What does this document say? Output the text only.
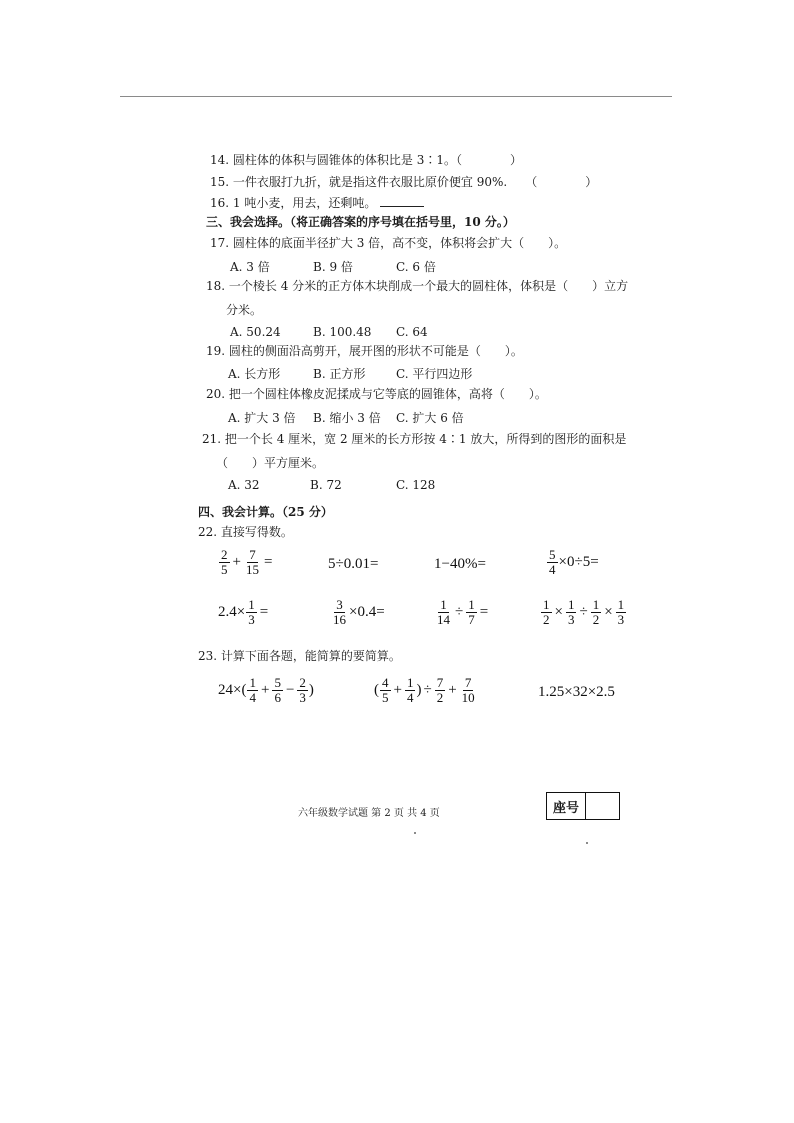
14. 圆柱体的体积与圆锥体的体积比是 3∶1。（　　　　）
15. 一件衣服打九折，就是指这件衣服比原价便宜 90%.　　（　　　　）
16. 1 吨小麦，用去，还剩吨。
三、我会选择。（将正确答案的序号填在括号里，10 分。）
17. 圆柱体的底面半径扩大 3 倍，高不变，体积将会扩大（　　）。
A. 3 倍	B. 9 倍	C. 6 倍
18. 一个棱长 4 分米的正方体木块削成一个最大的圆柱体，体积是（　　）立方
分米。
A. 50.24	B. 100.48 C. 64
19. 圆柱的侧面沿高剪开，展开图的形状不可能是（　　）。
A. 长方形	B. 正方形	C. 平行四边形
20. 把一个圆柱体橡皮泥揉成与它等底的圆锥体，高将（　　）。
A. 扩大 3 倍 B. 缩小 3 倍 C. 扩大 6 倍
21. 把一个长 4 厘米，宽 2 厘米的长方形按 4∶1 放大，所得到的图形的面积是
（　　）平方厘米。
A. 32	B. 72	C. 128
四、我会计算。（25 分）
22. 直接写得数。
$\frac{2}{5} + \frac{7}{15}$ =	5÷0.01=	1−40%=	$\frac{5}{4} \times 0\div 5=$
$2.4\times \frac{1}{3}$ =	$\frac{3}{16} \times 0.4=$	$\frac{1}{14} \div \frac{1}{7}$ =	$\frac{1}{2} \times \frac{1}{3} \div \frac{1}{2} \times \frac{1}{3}$
23. 计算下面各题，能简算的要简算。
$24\times( \frac{1}{4} + \frac{5}{6} - \frac{2}{3}$ )	( $\frac{4}{5} + \frac{1}{4}$ ) ÷ $\frac{7}{2} + \frac{7}{10}$	1.25×32×2.5
六年级数学试题 第 2 页 共 4 页	座号
